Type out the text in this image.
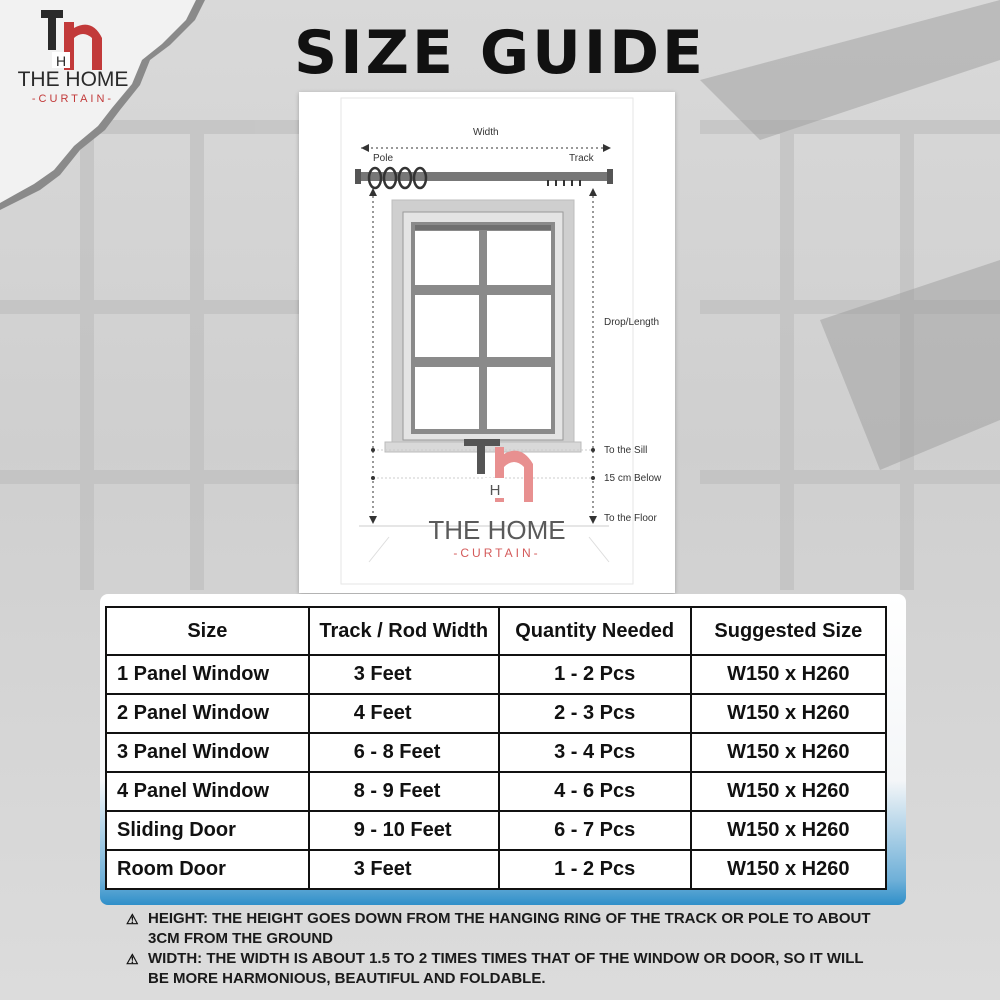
H
THE HOME
-CURTAIN-
SIZE GUIDE
H
Width
Pole	Track
Drop/Length
To the Sill
15 cm Below
To the Floor
THE HOME
-CURTAIN-
Size	Track / Rod Width	Quantity Needed	Suggested Size
1 Panel Window	3 Feet	1 - 2 Pcs	W150 x H260
2 Panel Window	4 Feet	2 - 3 Pcs	W150 x H260
3 Panel Window	6 - 8 Feet	3 - 4 Pcs	W150 x H260
4 Panel Window	8 - 9 Feet	4 - 6 Pcs	W150 x H260
Sliding Door	9 - 10 Feet	6 - 7 Pcs	W150 x H260
Room Door	3 Feet	1 - 2 Pcs	W150 x H260
⚠ HEIGHT: THE HEIGHT GOES DOWN FROM THE HANGING RING OF THE TRACK OR POLE TO ABOUT 3CM FROM THE GROUND
⚠ WIDTH: THE WIDTH IS ABOUT 1.5 TO 2 TIMES TIMES THAT OF THE WINDOW OR DOOR, SO IT WILL BE MORE HARMONIOUS, BEAUTIFUL AND FOLDABLE.
